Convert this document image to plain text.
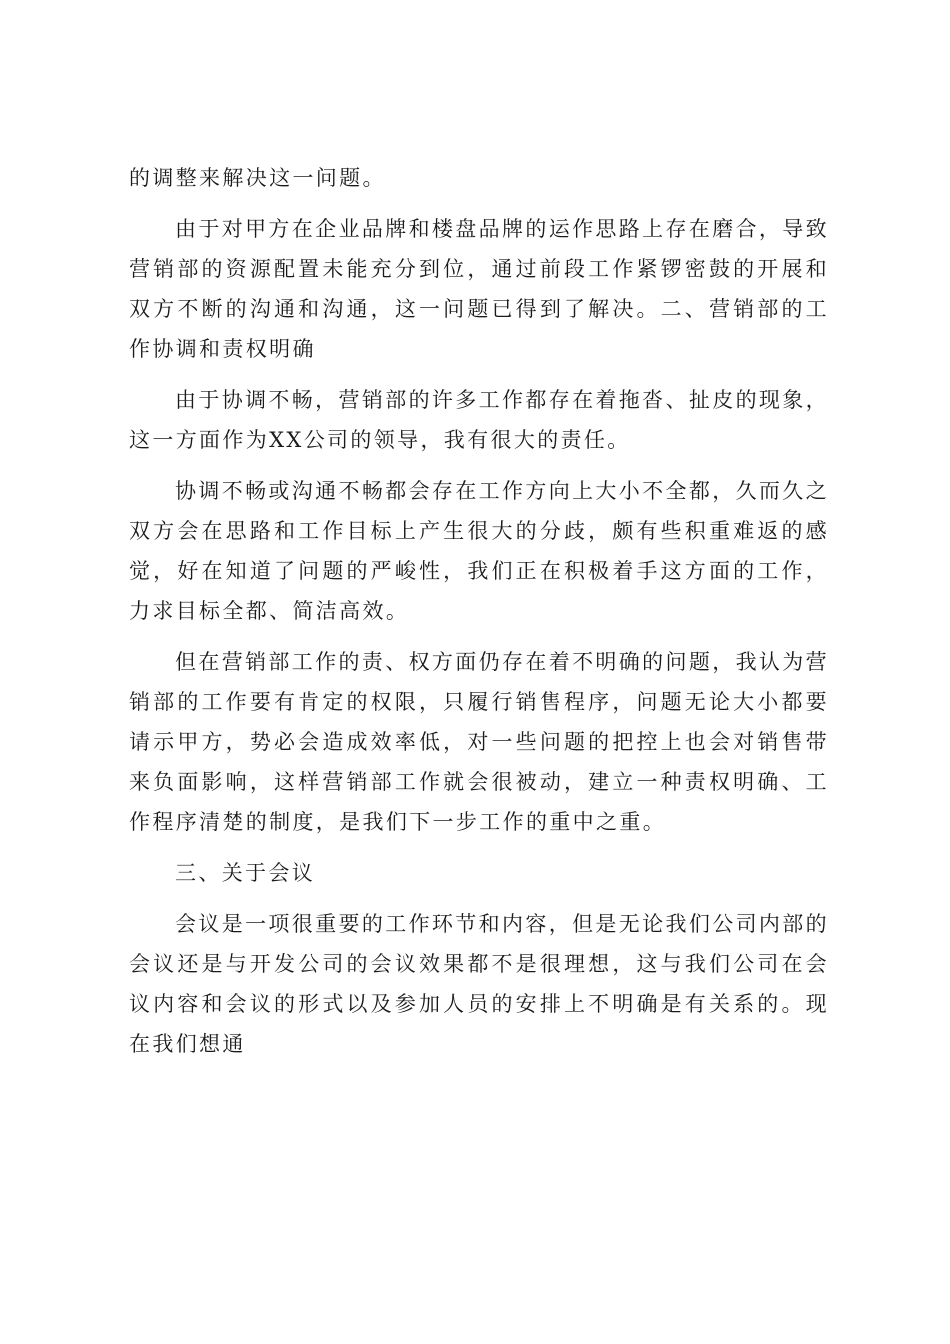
的调整来解决这一问题。

由于对甲方在企业品牌和楼盘品牌的运作思路上存在磨合，导致营销部的资源配置未能充分到位，通过前段工作紧锣密鼓的开展和双方不断的沟通和沟通，这一问题已得到了解决。二、营销部的工作协调和责权明确

由于协调不畅，营销部的许多工作都存在着拖沓、扯皮的现象，这一方面作为XX公司的领导，我有很大的责任。

协调不畅或沟通不畅都会存在工作方向上大小不全都，久而久之双方会在思路和工作目标上产生很大的分歧，颇有些积重难返的感觉，好在知道了问题的严峻性，我们正在积极着手这方面的工作，力求目标全都、简洁高效。

但在营销部工作的责、权方面仍存在着不明确的问题，我认为营销部的工作要有肯定的权限，只履行销售程序，问题无论大小都要请示甲方，势必会造成效率低，对一些问题的把控上也会对销售带来负面影响，这样营销部工作就会很被动，建立一种责权明确、工作程序清楚的制度，是我们下一步工作的重中之重。

三、关于会议

会议是一项很重要的工作环节和内容，但是无论我们公司内部的会议还是与开发公司的会议效果都不是很理想，这与我们公司在会议内容和会议的形式以及参加人员的安排上不明确是有关系的。现在我们想通
